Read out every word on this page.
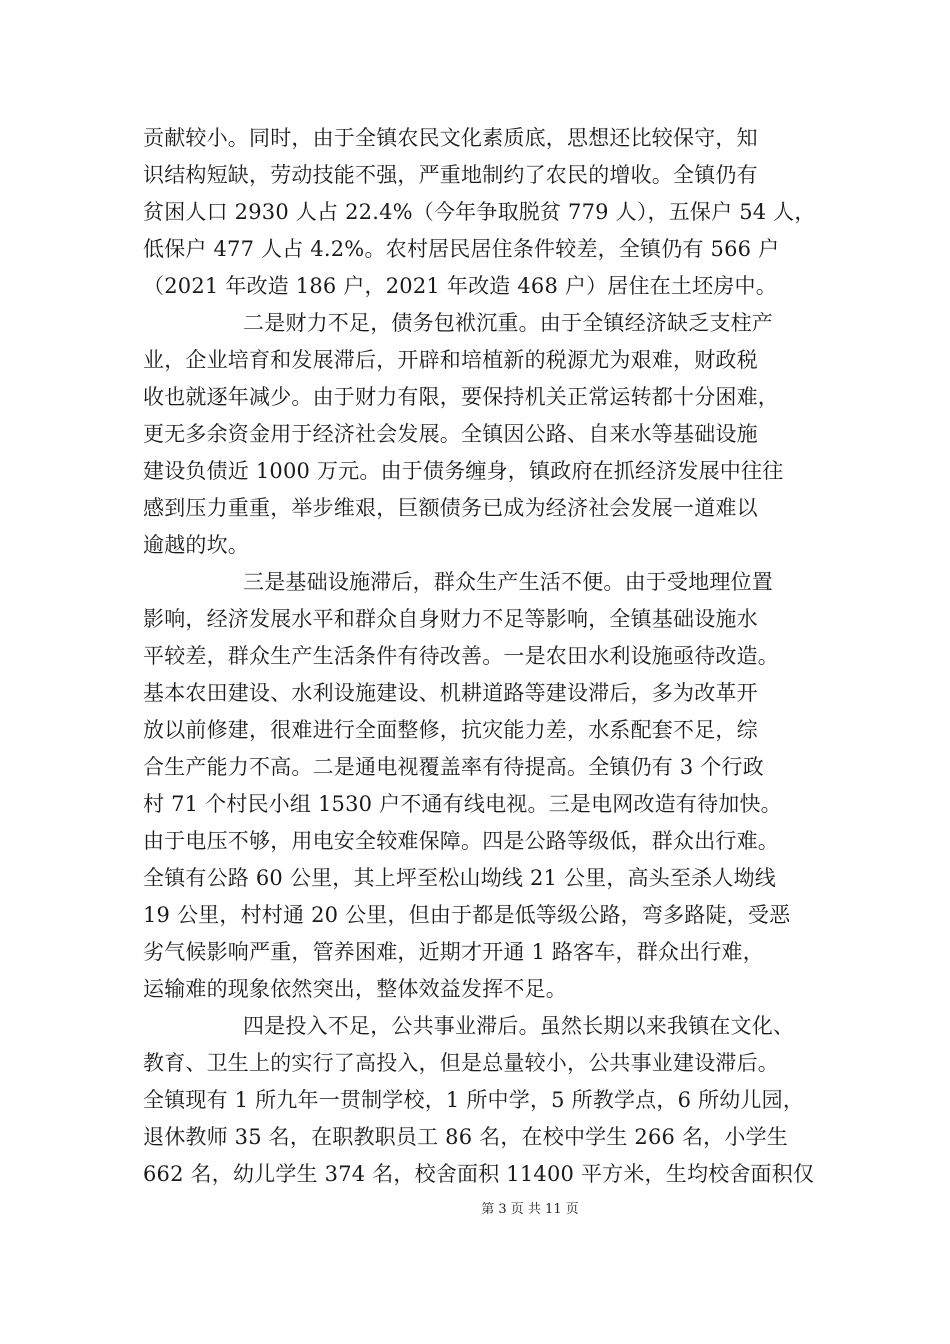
贡献较小。同时，由于全镇农民文化素质底，思想还比较保守，知
识结构短缺，劳动技能不强，严重地制约了农民的增收。全镇仍有
贫困人口 2930 人占 22.4%（今年争取脱贫 779 人），五保户 54 人，
低保户 477 人占 4.2%。农村居民居住条件较差，全镇仍有 566 户
（2021 年改造 186 户，2021 年改造 468 户）居住在土坯房中。
二是财力不足，债务包袱沉重。由于全镇经济缺乏支柱产
业，企业培育和发展滞后，开辟和培植新的税源尤为艰难，财政税
收也就逐年减少。由于财力有限，要保持机关正常运转都十分困难，
更无多余资金用于经济社会发展。全镇因公路、自来水等基础设施
建设负债近 1000 万元。由于债务缠身，镇政府在抓经济发展中往往
感到压力重重，举步维艰，巨额债务已成为经济社会发展一道难以
逾越的坎。
三是基础设施滞后，群众生产生活不便。由于受地理位置
影响，经济发展水平和群众自身财力不足等影响，全镇基础设施水
平较差，群众生产生活条件有待改善。一是农田水利设施亟待改造。
基本农田建设、水利设施建设、机耕道路等建设滞后，多为改革开
放以前修建，很难进行全面整修，抗灾能力差，水系配套不足，综
合生产能力不高。二是通电视覆盖率有待提高。全镇仍有 3 个行政
村 71 个村民小组 1530 户不通有线电视。三是电网改造有待加快。
由于电压不够，用电安全较难保障。四是公路等级低，群众出行难。
全镇有公路 60 公里，其上坪至松山坳线 21 公里，高头至杀人坳线
19 公里，村村通 20 公里，但由于都是低等级公路，弯多路陡，受恶
劣气候影响严重，管养困难，近期才开通 1 路客车，群众出行难，
运输难的现象依然突出，整体效益发挥不足。
四是投入不足，公共事业滞后。虽然长期以来我镇在文化、
教育、卫生上的实行了高投入，但是总量较小，公共事业建设滞后。
全镇现有 1 所九年一贯制学校，1 所中学，5 所教学点，6 所幼儿园，
退休教师 35 名，在职教职员工 86 名，在校中学生 266 名，小学生
662 名，幼儿学生 374 名，校舍面积 11400 平方米，生均校舍面积仅
第 3 页 共 11 页
